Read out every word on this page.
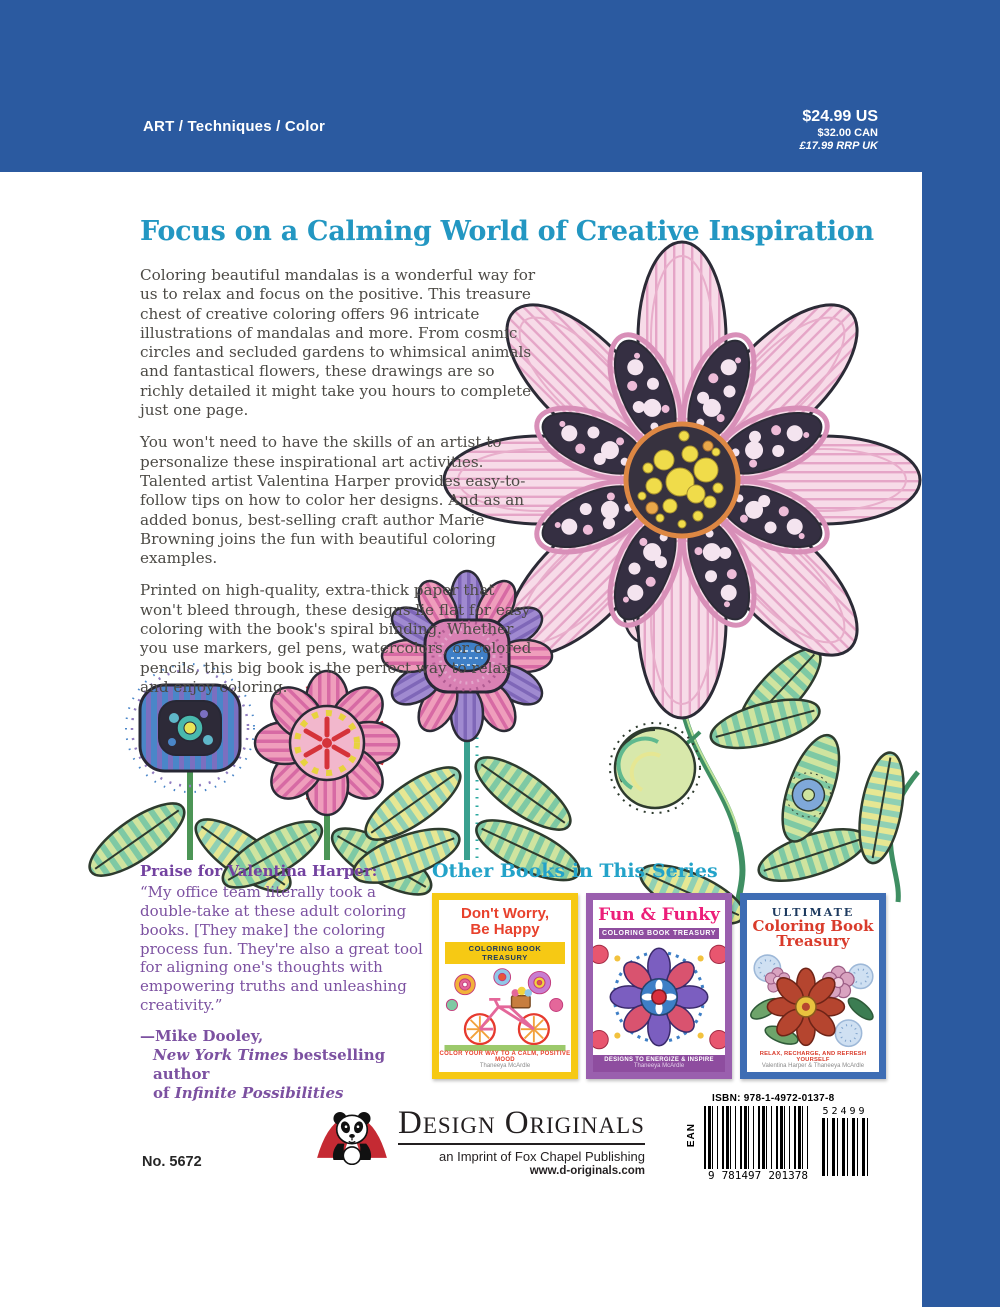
ART / Techniques / Color
$24.99 US
$32.00 CAN
£17.99 RRP UK
Focus on a Calming World of Creative Inspiration

Coloring beautiful mandalas is a wonderful way for us to relax and focus on the positive. This treasure chest of creative coloring offers 96 intricate illustrations of mandalas and more. From cosmic circles and secluded gardens to whimsical animals and fantastical flowers, these drawings are so richly detailed it might take you hours to complete just one page.

You won't need to have the skills of an artist to personalize these inspirational art activities. Talented artist Valentina Harper provides easy-to-follow tips on how to color her designs. And as an added bonus, best-selling craft author Marie Browning joins the fun with beautiful coloring examples.

Printed on high-quality, extra-thick paper that won't bleed through, these designs lie flat for easy coloring with the book's spiral binding. Whether you use markers, gel pens, watercolors, or colored pencils, this big book is the perfect way to relax and enjoy coloring.

Praise for Valentina Harper:
“My office team literally took a double-take at these adult coloring books. [They make] the coloring process fun. They're also a great tool for aligning one's thoughts with empowering truths and unleashing creativity.”
—Mike Dooley,
New York Times bestselling author
of Infinite Possibilities
Other Books in This Series
Don't Worry,
Be Happy
COLORING BOOK TREASURY
COLOR YOUR WAY TO A CALM, POSITIVE MOOD
Thaneeya McArdle
Fun & Funky
COLORING BOOK TREASURY
DESIGNS TO ENERGIZE & INSPIRE
Thaneeya McArdle
ULTIMATE
Coloring Book
Treasury
RELAX, RECHARGE, AND REFRESH YOURSELF
Valentina Harper & Thaneeya McArdle
Design Originals
an Imprint of Fox Chapel Publishing
www.d-originals.com
ISBN: 978-1-4972-0137-8
EAN
9 781497 201378
52499
No. 5672
